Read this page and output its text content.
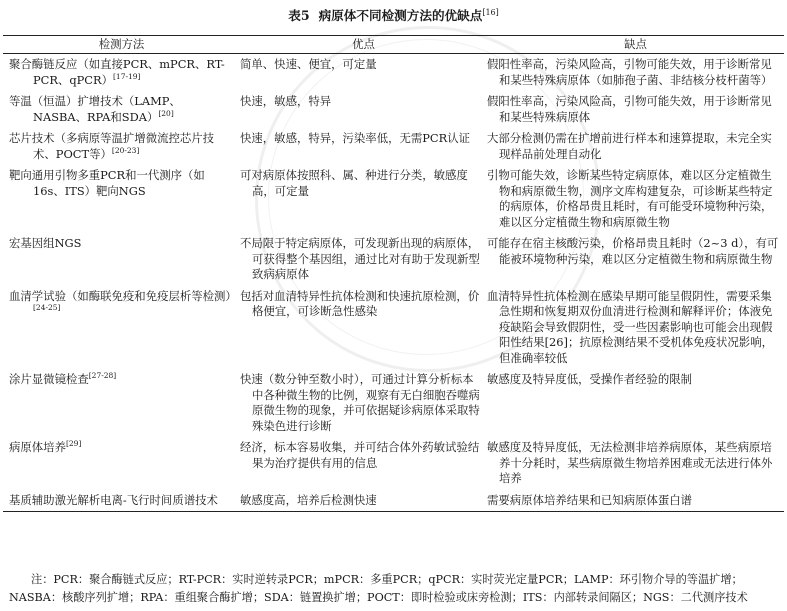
表5 病原体不同检测方法的优缺点[16]
检测方法	优点	缺点

聚合酶链反应（如直接PCR、mPCR、RT-PCR、qPCR）[17-19]	简单、快速、便宜，可定量	假阳性率高，污染风险高，引物可能失效，用于诊断常见和某些特殊病原体（如肺孢子菌、非结核分枝杆菌等）

等温（恒温）扩增技术（LAMP、NASBA、RPA和SDA）[20]	快速，敏感，特异	假阳性率高，污染风险高，引物可能失效，用于诊断常见和某些特殊病原体

芯片技术（多病原等温扩增微流控芯片技术、POCT等）[20-23]	快速，敏感，特异，污染率低，无需PCR认证	大部分检测仍需在扩增前进行样本和速算提取，未完全实现样品前处理自动化

靶向通用引物多重PCR和一代测序（如16s、ITS）靶向NGS	可对病原体按照科、属、种进行分类，敏感度高，可定量	引物可能失效，诊断某些特定病原体，难以区分定植微生物和病原微生物，测序文库构建复杂，可诊断某些特定的病原体，价格昂贵且耗时，有可能受环境物种污染，难以区分定植微生物和病原微生物

宏基因组NGS	不局限于特定病原体，可发现新出现的病原体，可获得整个基因组，通过比对有助于发现新型致病病原体	可能存在宿主核酸污染，价格昂贵且耗时（2~3 d），有可能被环境物种污染，难以区分定植微生物和病原微生物

血清学试验（如酶联免疫和免疫层析等检测）[24-25]	包括对血清特异性抗体检测和快速抗原检测，价格便宜，可诊断急性感染	血清特异性抗体检测在感染早期可能呈假阴性，需要采集急性期和恢复期双份血清进行检测和解释评价；体液免疫缺陷会导致假阴性，受一些因素影响也可能会出现假阳性结果[26]；抗原检测结果不受机体免疫状况影响，但准确率较低

涂片显微镜检查[27-28]	快速（数分钟至数小时），可通过计算分析标本中各种微生物的比例，观察有无白细胞吞噬病原微生物的现象，并可依据疑诊病原体采取特殊染色进行诊断	敏感度及特异度低，受操作者经验的限制

病原体培养[29]	经济，标本容易收集，并可结合体外药敏试验结果为治疗提供有用的信息	敏感度及特异度低，无法检测非培养病原体，某些病原培养十分耗时，某些病原微生物培养困难或无法进行体外培养

基质辅助激光解析电离-飞行时间质谱技术	敏感度高，培养后检测快速	需要病原体培养结果和已知病原体蛋白谱
注：PCR：聚合酶链式反应；RT-PCR：实时逆转录PCR；mPCR：多重PCR；qPCR：实时荧光定量PCR；LAMP：环引物介导的等温扩增；NASBA：核酸序列扩增；RPA：重组聚合酶扩增；SDA：链置换扩增；POCT：即时检验或床旁检测；ITS：内部转录间隔区；NGS：二代测序技术
